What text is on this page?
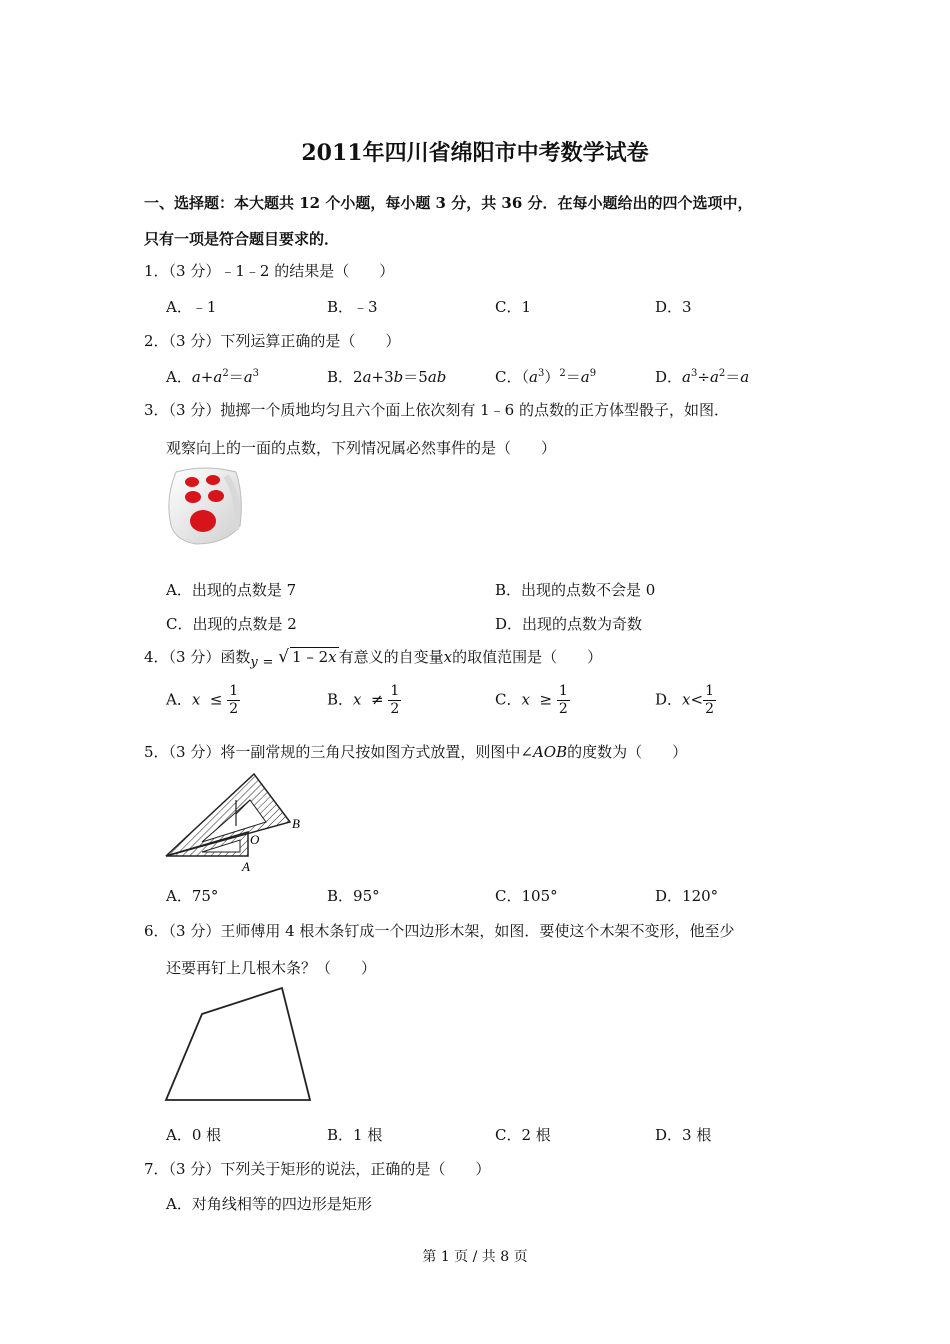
2011年四川省绵阳市中考数学试卷
一、选择题：本大题共 12 个小题，每小题 3 分，共 36 分．在每小题给出的四个选项中，
只有一项是符合题目要求的．
1．（3 分）﹣1﹣2 的结果是（　　）
A．﹣1	B．﹣3	C．1	D．3
2．（3 分）下列运算正确的是（　　）
A．$a+a^2=a^3$	B．2a+3b＝5ab	C．$(a^3)^2=a^9$	D．$a^3\div a^2=a$
3．（3 分）抛掷一个质地均匀且六个面上依次刻有 1﹣6 的点数的正方体型骰子，如图．
观察向上的一面的点数，下列情况属必然事件的是（　　）
A．出现的点数是 7	B．出现的点数不会是 0
C．出现的点数是 2	D．出现的点数为奇数
4．（3 分）函数y = √ 1 – 2x 有意义的自变量x的取值范围是（　　）
A．$x \le \frac{1}{2}$	B．$x \ne \frac{1}{2}$	C．$x \ge \frac{1}{2}$	D．$x< \frac{1}{2}$
5．（3 分）将一副常规的三角尺按如图方式放置，则图中∠AOB的度数为（　　）
B
O
A
A．75°	B．95°	C．105°	D．120°
6．（3 分）王师傅用 4 根木条钉成一个四边形木架，如图．要使这个木架不变形，他至少
还要再钉上几根木条？（　　）
A．0 根	B．1 根	C．2 根	D．3 根
7．（3 分）下列关于矩形的说法，正确的是（　　）
A．对角线相等的四边形是矩形
第 1 页 / 共 8 页
